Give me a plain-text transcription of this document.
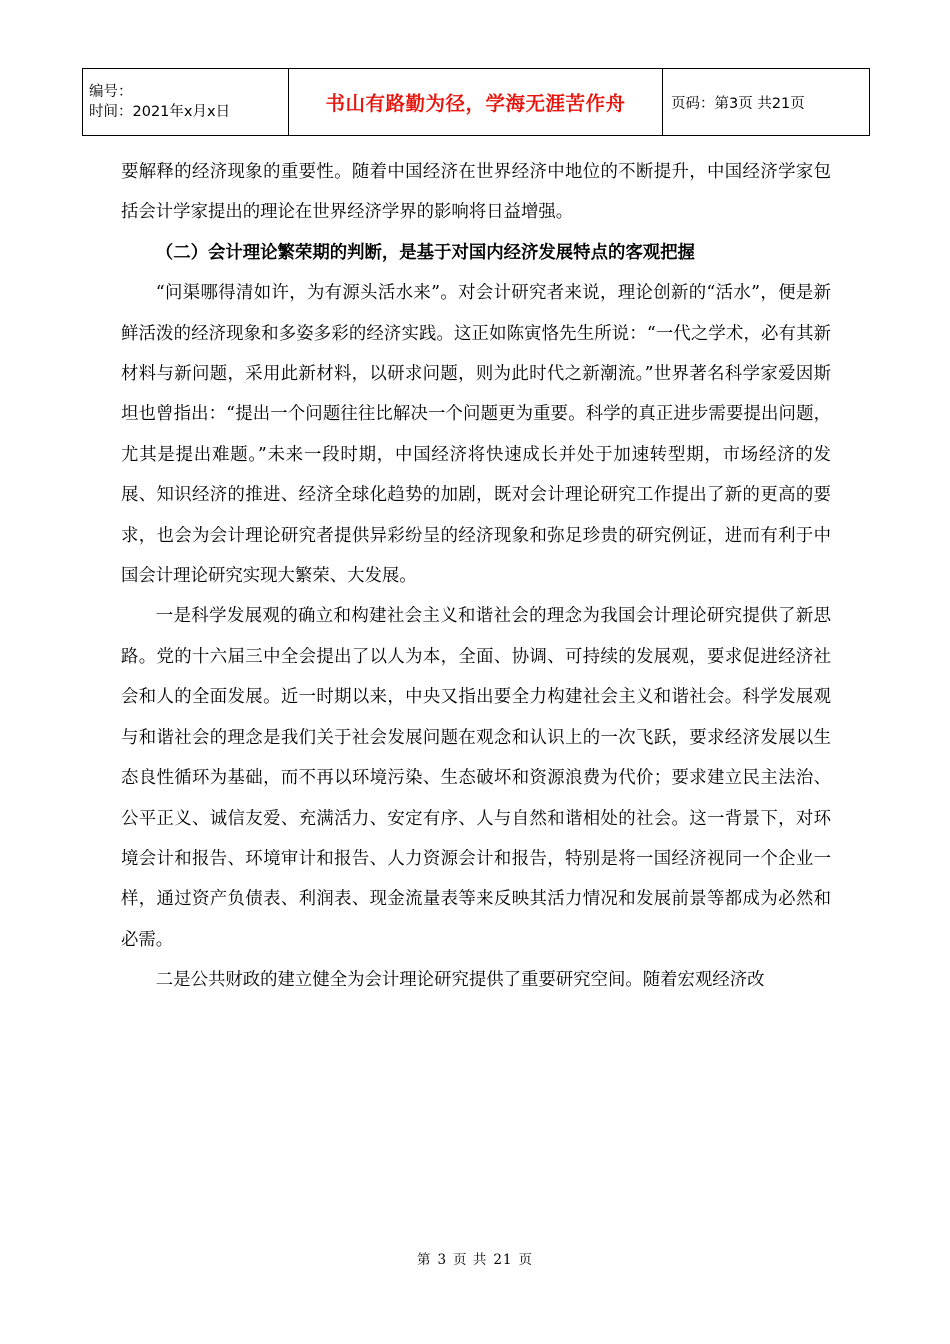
编号：
时间：2021年x月x日	书山有路勤为径，学海无涯苦作舟	页码：第3页 共21页

要解释的经济现象的重要性。随着中国经济在世界经济中地位的不断提升，中国经济学家包括会计学家提出的理论在世界经济学界的影响将日益增强。

（二）会计理论繁荣期的判断，是基于对国内经济发展特点的客观把握

“问渠哪得清如许，为有源头活水来”。对会计研究者来说，理论创新的“活水”，便是新鲜活泼的经济现象和多姿多彩的经济实践。这正如陈寅恪先生所说：“一代之学术，必有其新材料与新问题，采用此新材料，以研求问题，则为此时代之新潮流。”世界著名科学家爱因斯坦也曾指出：“提出一个问题往往比解决一个问题更为重要。科学的真正进步需要提出问题，尤其是提出难题。”未来一段时期，中国经济将快速成长并处于加速转型期，市场经济的发展、知识经济的推进、经济全球化趋势的加剧，既对会计理论研究工作提出了新的更高的要求，也会为会计理论研究者提供异彩纷呈的经济现象和弥足珍贵的研究例证，进而有利于中国会计理论研究实现大繁荣、大发展。

一是科学发展观的确立和构建社会主义和谐社会的理念为我国会计理论研究提供了新思路。党的十六届三中全会提出了以人为本，全面、协调、可持续的发展观，要求促进经济社会和人的全面发展。近一时期以来，中央又指出要全力构建社会主义和谐社会。科学发展观与和谐社会的理念是我们关于社会发展问题在观念和认识上的一次飞跃，要求经济发展以生态良性循环为基础，而不再以环境污染、生态破坏和资源浪费为代价；要求建立民主法治、公平正义、诚信友爱、充满活力、安定有序、人与自然和谐相处的社会。这一背景下，对环境会计和报告、环境审计和报告、人力资源会计和报告，特别是将一国经济视同一个企业一样，通过资产负债表、利润表、现金流量表等来反映其活力情况和发展前景等都成为必然和必需。

二是公共财政的建立健全为会计理论研究提供了重要研究空间。随着宏观经济改

第 3 页 共 21 页
